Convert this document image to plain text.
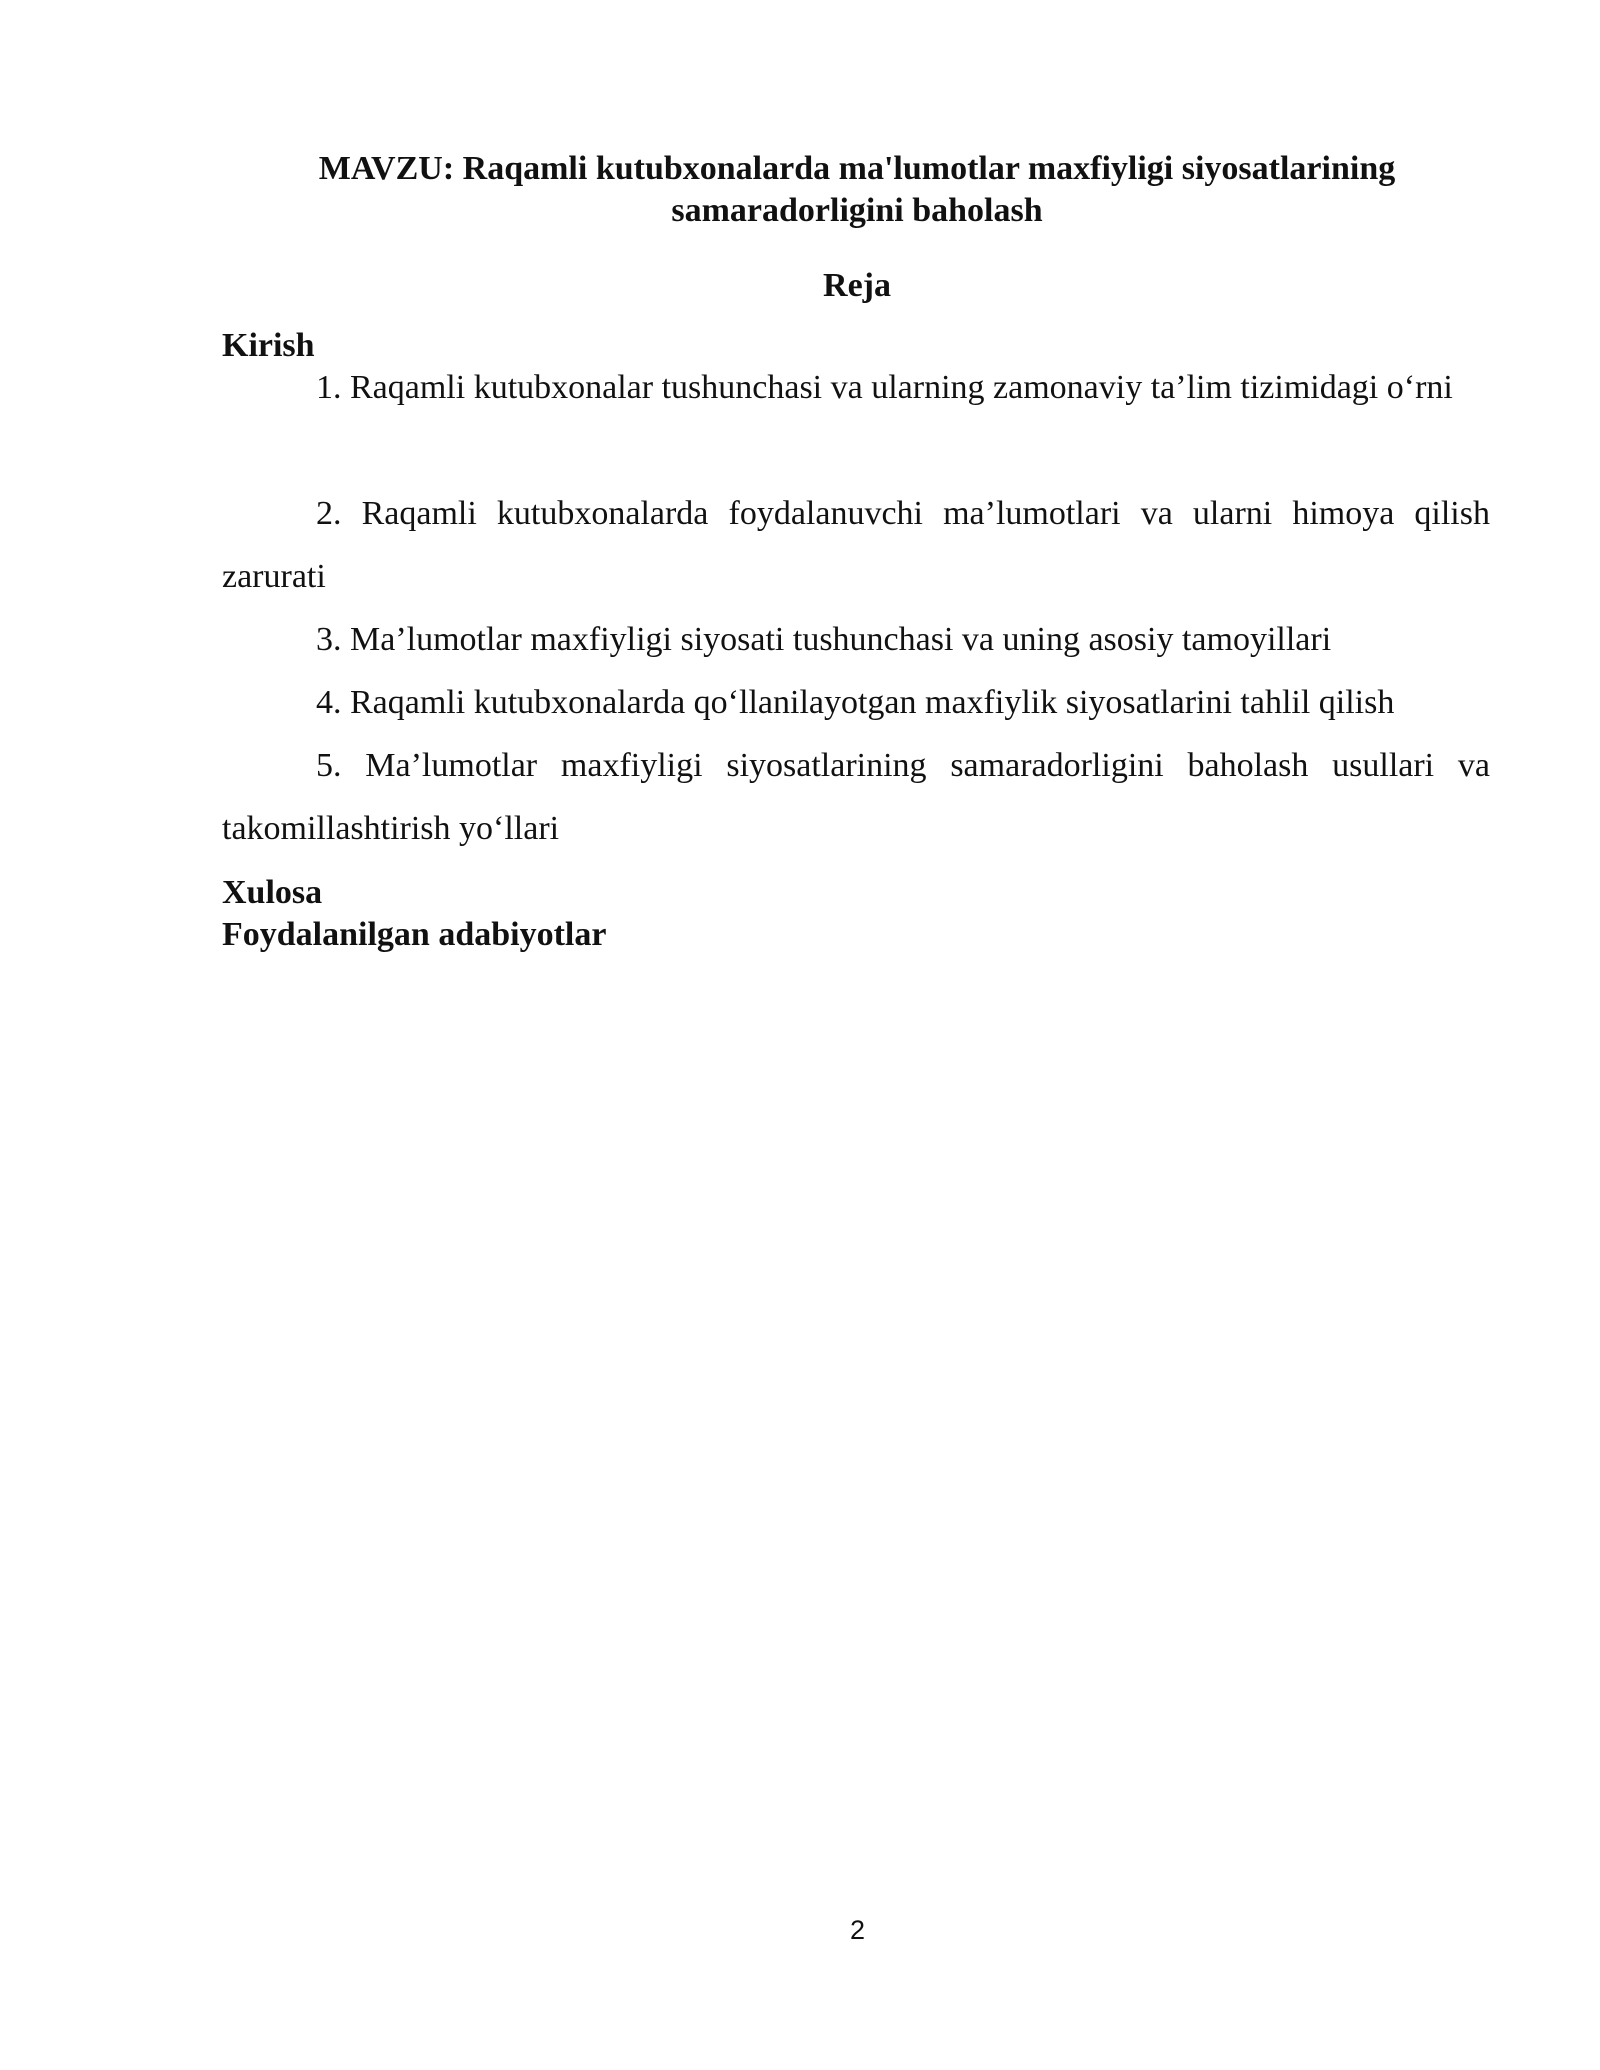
MAVZU: Raqamli kutubxonalarda ma'lumotlar maxfiyligi siyosatlarining
samaradorligini baholash
Reja
Kirish
1. Raqamli kutubxonalar tushunchasi va ularning zamonaviy ta’lim tizimidagi o‘rni
2. Raqamli kutubxonalarda foydalanuvchi ma’lumotlari va ularni himoya qilish zarurati
3. Ma’lumotlar maxfiyligi siyosati tushunchasi va uning asosiy tamoyillari
4. Raqamli kutubxonalarda qo‘llanilayotgan maxfiylik siyosatlarini tahlil qilish
5. Ma’lumotlar maxfiyligi siyosatlarining samaradorligini baholash usullari va takomillashtirish yo‘llari
Xulosa
Foydalanilgan adabiyotlar
2
